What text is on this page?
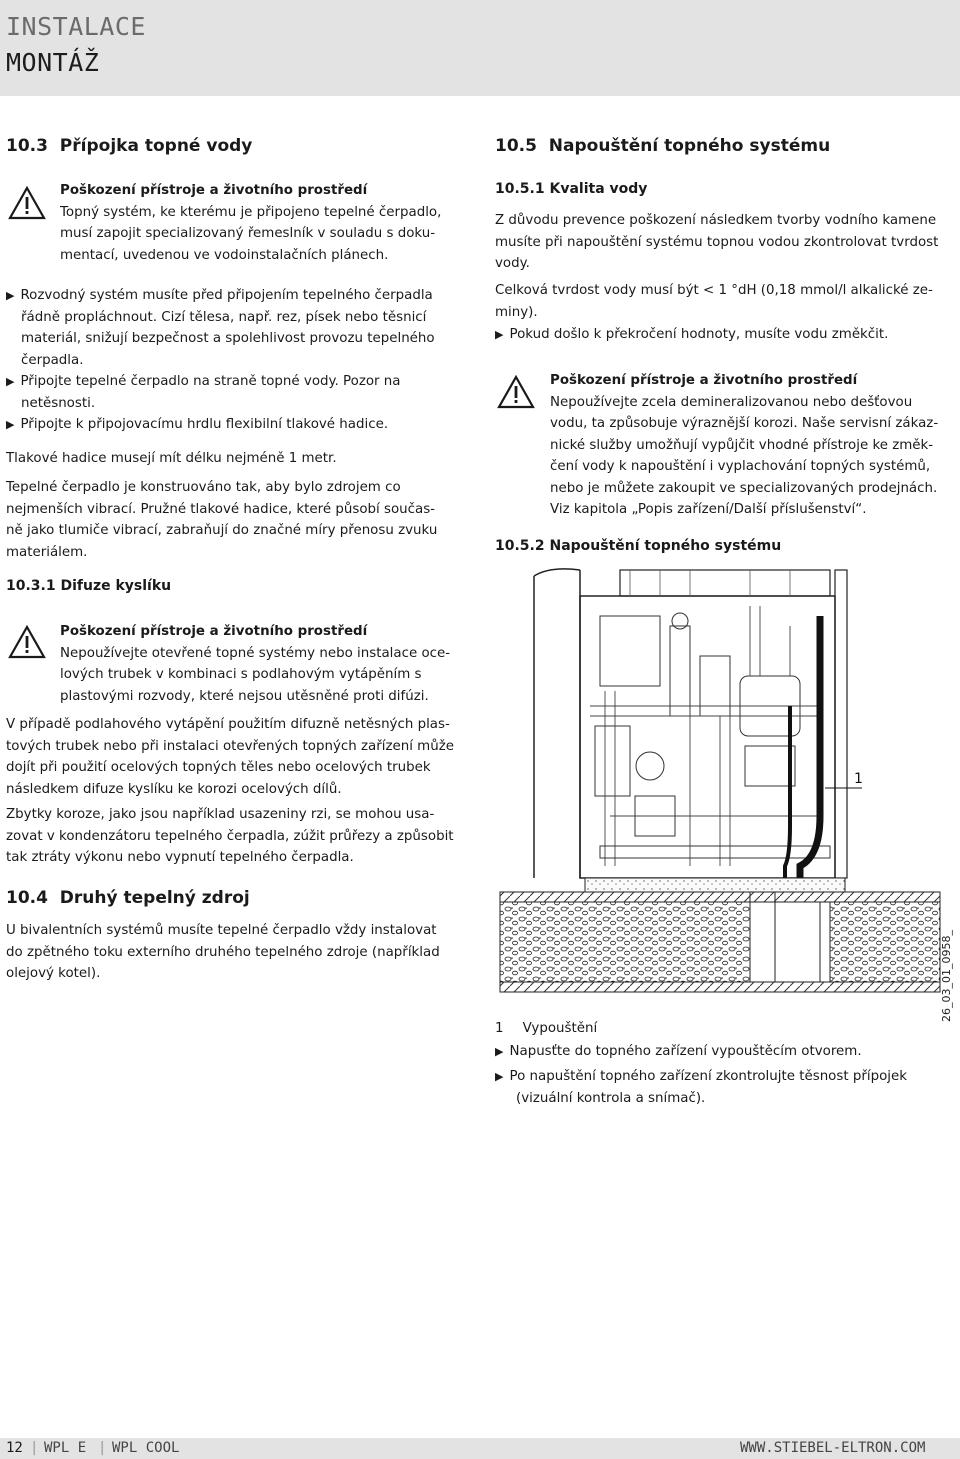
INSTALACE
MONTÁŽ
10.3 Přípojka topné vody
Poškození přístroje a životního prostředí
Topný systém, ke kterému je připojeno tepelné čerpadlo,
musí zapojit specializovaný řemeslník v souladu s doku-
mentací, uvedenou ve vodoinstalačních plánech.
▶ Rozvodný systém musíte před připojením tepelného čerpadla
řádně propláchnout. Cizí tělesa, např. rez, písek nebo těsnicí
materiál, snižují bezpečnost a spolehlivost provozu tepelného
čerpadla.
▶ Připojte tepelné čerpadlo na straně topné vody. Pozor na
netěsnosti.
▶ Připojte k připojovacímu hrdlu flexibilní tlakové hadice.
Tlakové hadice musejí mít délku nejméně 1 metr.
Tepelné čerpadlo je konstruováno tak, aby bylo zdrojem co
nejmenších vibrací. Pružné tlakové hadice, které působí součas-
ně jako tlumiče vibrací, zabraňují do značné míry přenosu zvuku
materiálem.
10.3.1 Difuze kyslíku
Poškození přístroje a životního prostředí
Nepoužívejte otevřené topné systémy nebo instalace oce-
lových trubek v kombinaci s podlahovým vytápěním s
plastovými rozvody, které nejsou utěsněné proti difúzi.
V případě podlahového vytápění použitím difuzně netěsných plas-
tových trubek nebo při instalaci otevřených topných zařízení může
dojít při použití ocelových topných těles nebo ocelových trubek
následkem difuze kyslíku ke korozi ocelových dílů.
Zbytky koroze, jako jsou například usazeniny rzi, se mohou usa-
zovat v kondenzátoru tepelného čerpadla, zúžit průřezy a způsobit
tak ztráty výkonu nebo vypnutí tepelného čerpadla.
10.4 Druhý tepelný zdroj
U bivalentních systémů musíte tepelné čerpadlo vždy instalovat
do zpětného toku externího druhého tepelného zdroje (například
olejový kotel).
10.5 Napouštění topného systému
10.5.1 Kvalita vody
Z důvodu prevence poškození následkem tvorby vodního kamene
musíte při napouštění systému topnou vodou zkontrolovat tvrdost
vody.
Celková tvrdost vody musí být < 1 °dH (0,18 mmol/l alkalické ze-
miny).
▶ Pokud došlo k překročení hodnoty, musíte vodu změkčit.
Poškození přístroje a životního prostředí
Nepoužívejte zcela demineralizovanou nebo dešťovou
vodu, ta způsobuje výraznější korozi. Naše servisní zákaz-
nické služby umožňují vypůjčit vhodné přístroje ke změk-
čení vody k napouštění i vyplachování topných systémů,
nebo je můžete zakoupit ve specializovaných prodejnách.
Viz kapitola „Popis zařízení/Další příslušenství“.
10.5.2 Napouštění topného systému
1
26_03_01_0958_
1 Vypouštění
▶ Napusťte do topného zařízení vypouštěcím otvorem.
▶ Po napuštění topného zařízení zkontrolujte těsnost přípojek
(vizuální kontrola a snímač).
12 | WPL E | WPL COOL	WWW.STIEBEL-ELTRON.COM
